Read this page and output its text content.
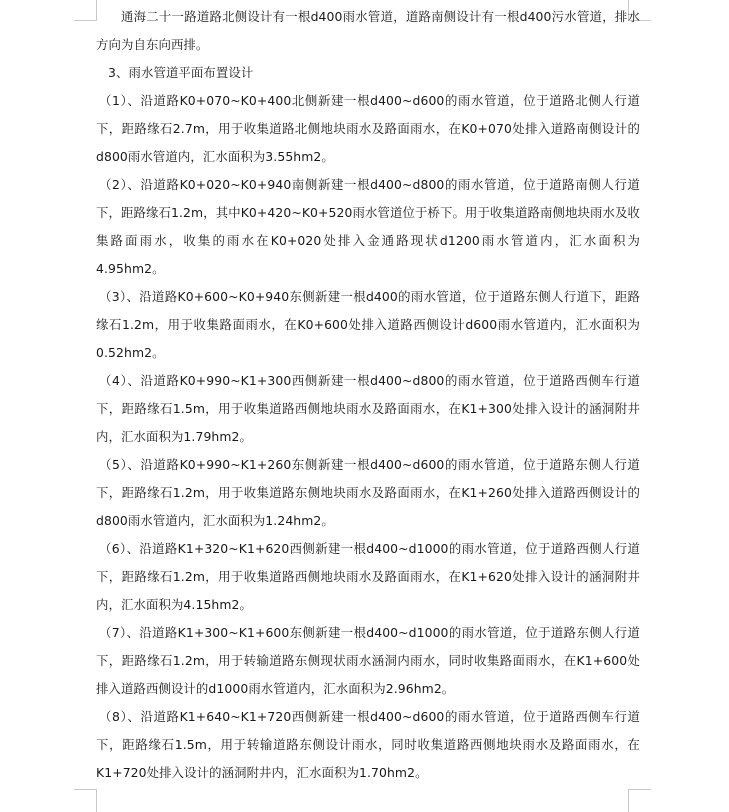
通海二十一路道路北侧设计有一根d400雨水管道，道路南侧设计有一根d400污水管道，排水方向为自东向西排。

3、雨水管道平面布置设计

（1）、沿道路K0+070~K0+400北侧新建一根d400~d600的雨水管道，位于道路北侧人行道下，距路缘石2.7m，用于收集道路北侧地块雨水及路面雨水，在K0+070处排入道路南侧设计的d800雨水管道内，汇水面积为3.55hm2。

（2）、沿道路K0+020~K0+940南侧新建一根d400~d800的雨水管道，位于道路南侧人行道下，距路缘石1.2m，其中K0+420~K0+520雨水管道位于桥下。用于收集道路南侧地块雨水及收集路面雨水，收集的雨水在K0+020处排入金通路现状d1200雨水管道内，汇水面积为4.95hm2。

（3）、沿道路K0+600~K0+940东侧新建一根d400的雨水管道，位于道路东侧人行道下，距路缘石1.2m，用于收集路面雨水，在K0+600处排入道路西侧设计d600雨水管道内，汇水面积为0.52hm2。

（4）、沿道路K0+990~K1+300西侧新建一根d400~d800的雨水管道，位于道路西侧车行道下，距路缘石1.5m，用于收集道路西侧地块雨水及路面雨水，在K1+300处排入设计的涵洞附井内，汇水面积为1.79hm2。

（5）、沿道路K0+990~K1+260东侧新建一根d400~d600的雨水管道，位于道路东侧人行道下，距路缘石1.2m，用于收集道路东侧地块雨水及路面雨水，在K1+260处排入道路西侧设计的d800雨水管道内，汇水面积为1.24hm2。

（6）、沿道路K1+320~K1+620西侧新建一根d400~d1000的雨水管道，位于道路西侧人行道下，距路缘石1.2m，用于收集道路西侧地块雨水及路面雨水，在K1+620处排入设计的涵洞附井内，汇水面积为4.15hm2。

（7）、沿道路K1+300~K1+600东侧新建一根d400~d1000的雨水管道，位于道路东侧人行道下，距路缘石1.2m，用于转输道路东侧现状雨水涵洞内雨水，同时收集路面雨水，在K1+600处排入道路西侧设计的d1000雨水管道内，汇水面积为2.96hm2。

（8）、沿道路K1+640~K1+720西侧新建一根d400~d600的雨水管道，位于道路西侧车行道下，距路缘石1.5m，用于转输道路东侧设计雨水，同时收集道路西侧地块雨水及路面雨水，在K1+720处排入设计的涵洞附井内，汇水面积为1.70hm2。
